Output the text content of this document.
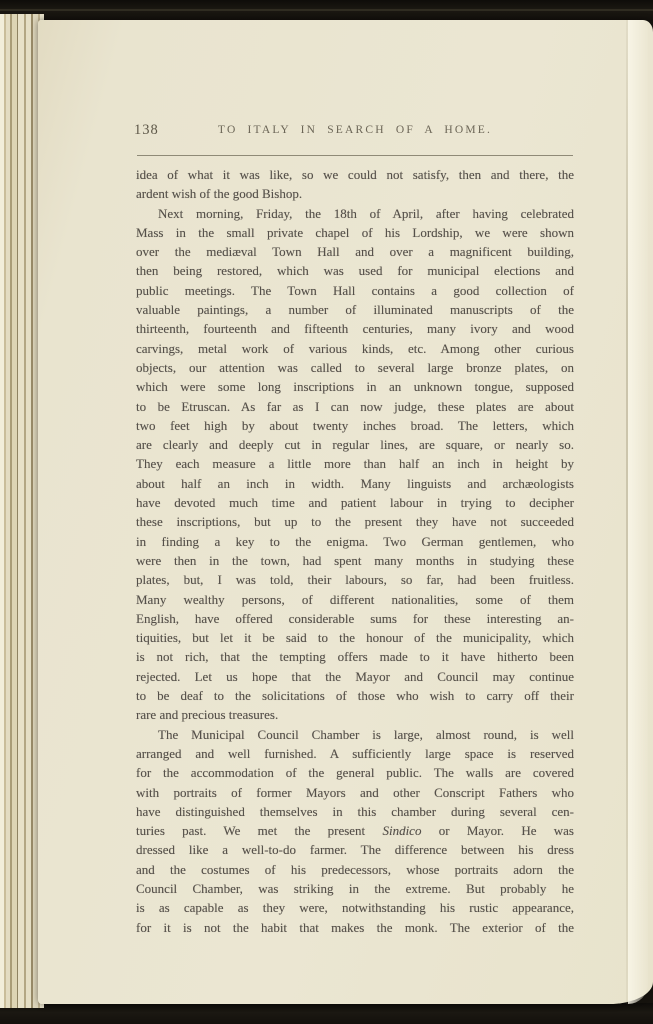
138	TO ITALY IN SEARCH OF A HOME.
idea of what it was like, so we could not satisfy, then and there, the
ardent wish of the good Bishop.
Next morning, Friday, the 18th of April, after having celebrated
Mass in the small private chapel of his Lordship, we were shown
over the mediæval Town Hall and over a magnificent building,
then being restored, which was used for municipal elections and
public meetings. The Town Hall contains a good collection of
valuable paintings, a number of illuminated manuscripts of the
thirteenth, fourteenth and fifteenth centuries, many ivory and wood
carvings, metal work of various kinds, etc. Among other curious
objects, our attention was called to several large bronze plates, on
which were some long inscriptions in an unknown tongue, supposed
to be Etruscan. As far as I can now judge, these plates are about
two feet high by about twenty inches broad. The letters, which
are clearly and deeply cut in regular lines, are square, or nearly so.
They each measure a little more than half an inch in height by
about half an inch in width. Many linguists and archæologists
have devoted much time and patient labour in trying to decipher
these inscriptions, but up to the present they have not succeeded
in finding a key to the enigma. Two German gentlemen, who
were then in the town, had spent many months in studying these
plates, but, I was told, their labours, so far, had been fruitless.
Many wealthy persons, of different nationalities, some of them
English, have offered considerable sums for these interesting an-
tiquities, but let it be said to the honour of the municipality, which
is not rich, that the tempting offers made to it have hitherto been
rejected. Let us hope that the Mayor and Council may continue
to be deaf to the solicitations of those who wish to carry off their
rare and precious treasures.
The Municipal Council Chamber is large, almost round, is well
arranged and well furnished. A sufficiently large space is reserved
for the accommodation of the general public. The walls are covered
with portraits of former Mayors and other Conscript Fathers who
have distinguished themselves in this chamber during several cen-
turies past. We met the present Sindico or Mayor. He was
dressed like a well-to-do farmer. The difference between his dress
and the costumes of his predecessors, whose portraits adorn the
Council Chamber, was striking in the extreme. But probably he
is as capable as they were, notwithstanding his rustic appearance,
for it is not the habit that makes the monk. The exterior of the
